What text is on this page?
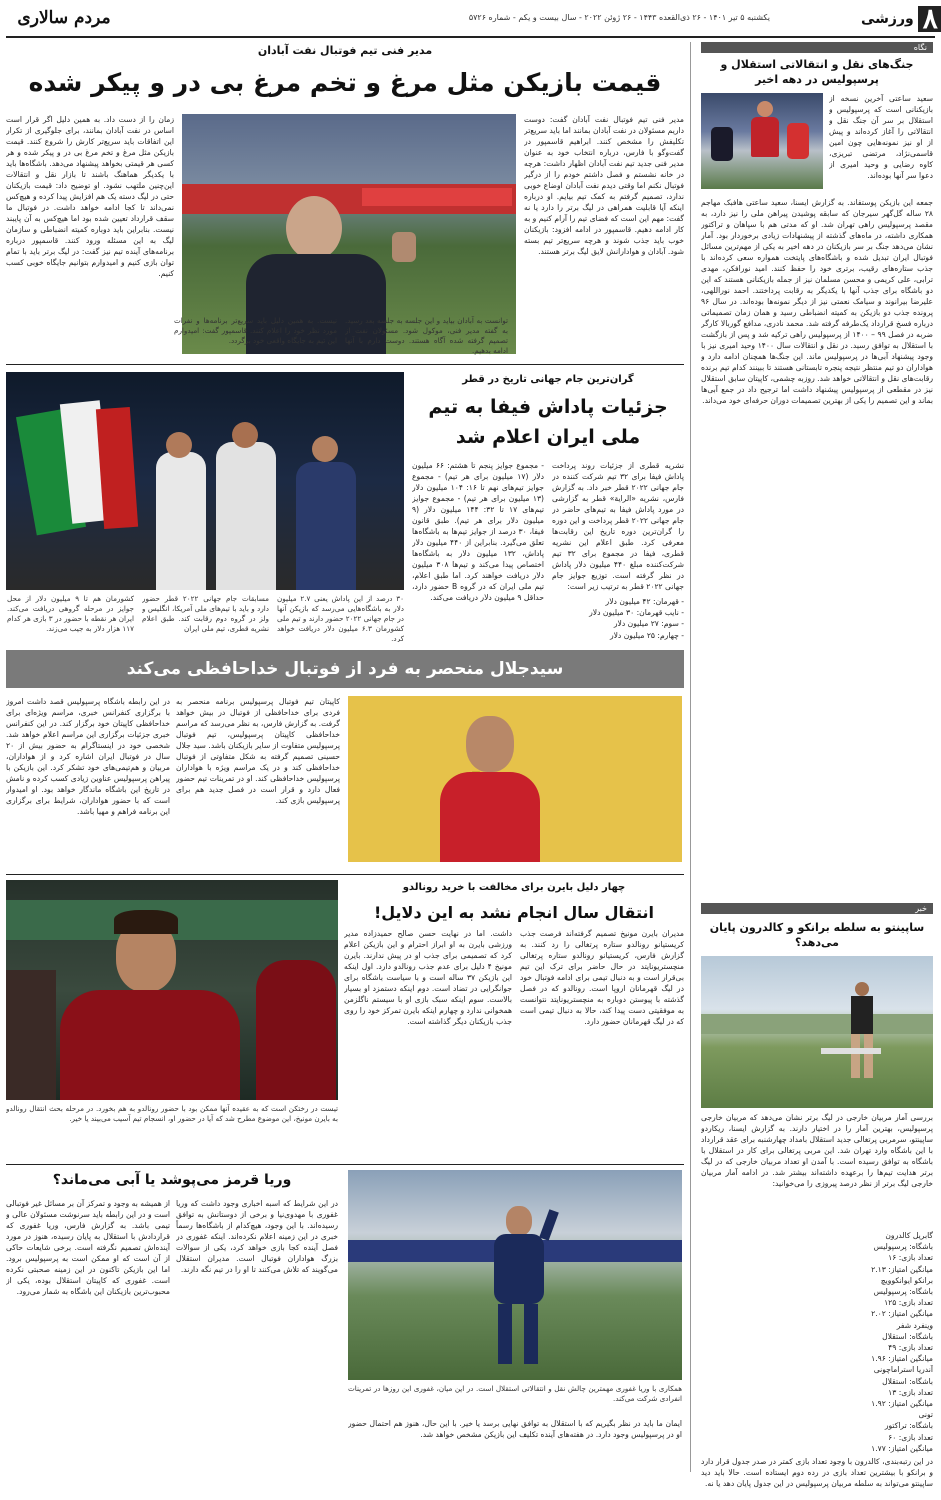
۸
ورزشی
یکشنبه ۵ تیر ۱۴۰۱ - ۲۶ ذی‌القعده ۱۴۴۳ - ۲۶ ژوئن ۲۰۲۲ - سال بیست و یکم - شماره ۵۷۲۶
مردم سالاری
نگاه
جنگ‌های نقل و انتقالاتی استقلال و پرسپولیس در دهه اخیر
سعید ساعتی آخرین نسخه از بازیکنانی است که پرسپولیس و استقلال بر سر آن جنگ نقل و انتقالاتی را آغاز کرده‌اند و پیش از او نیز نمونه‌هایی چون امین قاسمی‌نژاد، مرتضی تبریزی، کاوه رضایی و وحید امیری از دعوا سر آنها بوده‌اند.
جمعه این بازیکن پوستفاند. به گزارش ایسنا، سعید ساعتی هافبک مهاجم ۲۸ ساله گل‌گهر سیرجان که سابقه پوشیدن پیراهن ملی را نیز دارد، به مقصد پرسپولیس راهی تهران شد. او که مدتی هم با سپاهان و تراکتور همکاری داشته، در ماه‌های گذشته از پیشنهادات زیادی برخوردار بود. آمار نشان می‌دهد جنگ بر سر بازیکنان در دهه اخیر به یکی از مهم‌ترین مسائل فوتبال ایران تبدیل شده و باشگاه‌های پایتخت همواره سعی کرده‌اند با جذب ستاره‌های رقیب، برتری خود را حفظ کنند. امید نورافکن، مهدی ترابی، علی کریمی و محسن مسلمان نیز از جمله بازیکنانی هستند که این دو باشگاه برای جذب آنها با یکدیگر به رقابت پرداختند. احمد نوراللهی، علیرضا بیرانوند و سیامک نعمتی نیز از دیگر نمونه‌ها بوده‌اند. در سال ۹۶ پرونده جذب دو بازیکن به کمیته انضباطی رسید و همان زمان تصمیماتی درباره فسخ قرارداد یک‌طرفه گرفته شد. محمد نادری، مدافع گوربالا کارگر ضربه در فصل ۹۹ – ۱۴۰۰ از پرسپولیس راهی ترکیه شد و پس از بازگشت با استقلال به توافق رسید. در نقل و انتقالات سال ۱۴۰۰ وحید امیری نیز با وجود پیشنهاد آبی‌ها در پرسپولیس ماند. این جنگ‌ها همچنان ادامه دارد و هواداران دو تیم منتظر نتیجه پنجره تابستانی هستند تا ببینند کدام تیم برنده رقابت‌های نقل و انتقالاتی خواهد شد. روزبه چشمی، کاپیتان سابق استقلال نیز در مقطعی از پرسپولیس پیشنهاد داشت اما ترجیح داد در جمع آبی‌ها بماند و این تصمیم را یکی از بهترین تصمیمات دوران حرفه‌ای خود می‌داند.
خبر
ساپینتو به سلطه برانکو و کالدرون پایان می‌دهد؟
بررسی آمار مربیان خارجی در لیگ برتر نشان می‌دهد که مربیان خارجی پرسپولیس، بهترین آمار را در اختیار دارند. به گزارش ایسنا، ریکاردو ساپینتو، سرمربی پرتغالی جدید استقلال بامداد چهارشنبه برای عقد قرارداد با این باشگاه وارد تهران شد. این مربی پرتغالی برای کار در استقلال با باشگاه به توافق رسیده است. با آمدن او تعداد مربیان خارجی که در لیگ برتر هدایت تیم‌ها را برعهده داشته‌اند بیشتر شد. در ادامه آمار مربیان خارجی لیگ برتر از نظر درصد پیروزی را می‌خوانید:
گابریل کالدرون
باشگاه: پرسپولیس
تعداد بازی: ۱۶
میانگین امتیاز: ۲.۱۳
برانکو ایوانکوویچ
باشگاه: پرسپولیس
تعداد بازی: ۱۲۵
میانگین امتیاز: ۲.۰۲
وینفرد شفر
باشگاه: استقلال
تعداد بازی: ۴۹
میانگین امتیاز: ۱.۹۶
آندریا استراماچونی
باشگاه: استقلال
تعداد بازی: ۱۳
میانگین امتیاز: ۱.۹۲
تونی
باشگاه: تراکتور
تعداد بازی: ۶۰
میانگین امتیاز: ۱.۷۷
در این رتبه‌بندی، کالدرون با وجود تعداد بازی کمتر در صدر جدول قرار دارد و برانکو با بیشترین تعداد بازی در رده دوم ایستاده است. حالا باید دید ساپینتو می‌تواند به سلطه مربیان پرسپولیس در این جدول پایان دهد یا نه.
مدیر فنی تیم فوتبال نفت آبادان
قیمت بازیکن مثل مرغ و تخم مرغ بی در و پیکر شده
مدیر فنی تیم فوتبال نفت آبادان گفت: دوست داریم مسئولان در نفت آبادان بمانند اما باید سریع‌تر تکلیفش را مشخص کنند. ابراهیم قاسمپور در گفت‌وگو با فارس، درباره انتخاب خود به عنوان مدیر فنی جدید تیم نفت آبادان اظهار داشت: هرچه در خانه نشستم و فصل داشتم خودم را از درگیر فوتبال نکنم اما وقتی دیدم نفت آبادان اوضاع خوبی ندارد، تصمیم گرفتم به کمک تیم بیایم. او درباره اینکه آیا قابلیت همراهی در لیگ برتر را دارد یا نه گفت: مهم این است که فضای تیم را آرام کنیم و به کار ادامه دهیم. قاسمپور در ادامه افزود: بازیکنان خوب باید جذب شوند و هرچه سریع‌تر تیم بسته شود. آبادان و هوادارانش لایق لیگ برتر هستند.
زمان را از دست داد. به همین دلیل اگر قرار است اساس در نفت آبادان بمانند، برای جلوگیری از تکرار این اتفاقات باید سریع‌تر کارش را شروع کنند. قیمت بازیکن مثل مرغ و تخم مرغ بی در و پیکر شده و هر کسی هر قیمتی بخواهد پیشنهاد می‌دهد. باشگاه‌ها باید با یکدیگر هماهنگ باشند تا بازار نقل و انتقالات این‌چنین ملتهب نشود. او توضیح داد: قیمت بازیکنان حتی در لیگ دسته یک هم افزایش پیدا کرده و هیچ‌کس نمی‌داند تا کجا ادامه خواهد داشت. در فوتبال ما سقف قرارداد تعیین شده بود اما هیچ‌کس به آن پایبند نیست. بنابراین باید دوباره کمیته انضباطی و سازمان لیگ به این مسئله ورود کنند. قاسمپور درباره برنامه‌های آینده تیم نیز گفت: در لیگ برتر باید با تمام توان بازی کنیم و امیدوارم بتوانیم جایگاه خوبی کسب کنیم.
توانست به آبادان بیاید و این جلسه به جلسه بعد رسید. به گفته مدیر فنی، موکول شود. مسئولان نفت از تصمیم گرفته شده آگاه هستند. دوست دارم با آنها ادامه بدهیم.
نیست. به همین دلیل باید سریع‌تر برنامه‌ها و نفرات مورد نظر خود را اعلام کنند. قاسمپور گفت: امیدوارم این تیم به جایگاه واقعی خود برگردد.
گران‌ترین جام جهانی تاریخ در قطر
جزئیات پاداش فیفا به تیم ملی ایران اعلام شد
نشریه قطری از جزئیات روند پرداخت پاداش فیفا برای ۳۲ تیم شرکت کننده در جام جهانی ۲۰۲۲ قطر خبر داد. به گزارش فارس، نشریه «الراية» قطر به گزارشی در مورد پاداش فیفا به تیم‌های حاضر در جام جهانی ۲۰۲۲ قطر پرداخت و این دوره را گران‌ترین دوره تاریخ این رقابت‌ها معرفی کرد. طبق اعلام این نشریه قطری، فیفا در مجموع برای ۳۲ تیم شرکت‌کننده مبلغ ۴۴۰ میلیون دلار پاداش در نظر گرفته است. توزیع جوایز جام جهانی ۲۰۲۲ قطر به ترتیب زیر است:
- قهرمان: ۴۲ میلیون دلار
- نایب قهرمان: ۳۰ میلیون دلار
- سوم: ۲۷ میلیون دلار
- چهارم: ۲۵ میلیون دلار
- مجموع جوایز پنجم تا هشتم: ۶۶ میلیون دلار (۱۷ میلیون برای هر تیم) - مجموع جوایز تیم‌های نهم تا ۱۶: ۱۰۴ میلیون دلار (۱۳ میلیون برای هر تیم) - مجموع جوایز تیم‌های ۱۷ تا ۳۲: ۱۴۴ میلیون دلار (۹ میلیون دلار برای هر تیم). طبق قانون فیفا، ۳۰ درصد از جوایز تیم‌ها به باشگاه‌ها تعلق می‌گیرد. بنابراین از ۴۴۰ میلیون دلار پاداش، ۱۳۲ میلیون دلار به باشگاه‌ها اختصاص پیدا می‌کند و تیم‌ها ۳۰۸ میلیون دلار دریافت خواهند کرد. اما طبق اعلام، تیم ملی ایران که در گروه B حضور دارد، حداقل ۹ میلیون دلار دریافت می‌کند.
۳۰ درصد از این پاداش یعنی ۲.۷ میلیون دلار به باشگاه‌هایی می‌رسد که بازیکن آنها در جام جهانی ۲۰۲۲ حضور دارند و تیم ملی کشورمان ۶.۳ میلیون دلار دریافت خواهد کرد.
مسابقات جام جهانی ۲۰۲۲ قطر حضور دارد و باید با تیم‌های ملی آمریکا، انگلیس و ولز در گروه دوم رقابت کند. طبق اعلام نشریه قطری، تیم ملی ایران
کشورمان هم تا ۹ میلیون دلار از محل جوایز در مرحله گروهی دریافت می‌کند. ایران هر نقطه با حضور در ۳ بازی هر کدام ۱۱۷ هزار دلار به جیب می‌زند.
سیدجلال منحصر به فرد از فوتبال خداحافظی می‌کند
کاپیتان تیم فوتبال پرسپولیس برنامه منحصر به فردی برای خداحافظی از فوتبال در بیش خواهد گرفت. به گزارش فارس، به نظر می‌رسد که مراسم خداحافظی کاپیتان پرسپولیس، تیم فوتبال پرسپولیس متفاوت از سایر بازیکنان باشد. سید جلال حسینی تصمیم گرفته به شکل متفاوتی از فوتبال خداحافظی کند و در یک مراسم ویژه با هواداران پرسپولیس خداحافظی کند. او در تمرینات تیم حضور فعال دارد و قرار است در فصل جدید هم برای پرسپولیس بازی کند.
در این رابطه باشگاه پرسپولیس قصد داشت امروز با برگزاری کنفرانس خبری، مراسم ویژه‌ای برای خداحافظی کاپیتان خود برگزار کند. در این کنفرانس خبری جزئیات برگزاری این مراسم اعلام خواهد شد. شخصی خود در اینستاگرام به حضور بیش از ۲۰ سال در فوتبال ایران اشاره کرد و از هواداران، مربیان و هم‌تیمی‌های خود تشکر کرد. این بازیکن با پیراهن پرسپولیس عناوین زیادی کسب کرده و نامش در تاریخ این باشگاه ماندگار خواهد بود. او امیدوار است که با حضور هواداران، شرایط برای برگزاری این برنامه فراهم و مهیا باشد.
چهار دلیل بایرن برای مخالفت با خرید رونالدو
انتقال سال انجام نشد به این دلایل!
مدیران بایرن مونیخ تصمیم گرفته‌اند فرصت جذب کریستیانو رونالدو ستاره پرتغالی را رد کنند. به گزارش فارس، کریستیانو رونالدو ستاره پرتغالی منچستریونایتد در حال حاضر برای ترک این تیم بی‌قرار است و به دنبال تیمی برای ادامه فوتبال خود در لیگ قهرمانان اروپا است. رونالدو که در فصل گذشته با پیوستن دوباره به منچستریونایتد نتوانست به موفقیتی دست پیدا کند، حالا به دنبال تیمی است که در لیگ قهرمانان حضور دارد.
داشت. اما در نهایت حسن صالح حمیدزاده مدیر ورزشی بایرن به او ابراز احترام و این بازیکن اعلام کرد که تصمیمی برای جذب او در پیش ندارند. بایرن مونیخ ۴ دلیل برای عدم جذب رونالدو دارد. اول اینکه این بازیکن ۳۷ ساله است و با سیاست باشگاه برای جوانگرایی در تضاد است. دوم اینکه دستمزد او بسیار بالاست. سوم اینکه سبک بازی او با سیستم ناگلزمن همخوانی ندارد و چهارم اینکه بایرن تمرکز خود را روی جذب بازیکنان دیگر گذاشته است.
تیست در رختکن است که به عقیده آنها ممکن بود با حضور رونالدو به هم بخورد. در مرحله بحث انتقال رونالدو به بایرن مونیخ، این موضوع مطرح شد که آیا در حضور او، انسجام تیم آسیب می‌بیند یا خیر.
وریا قرمز می‌پوشد یا آبی می‌ماند؟
از همیشه به وجود و تمرکز آن بر مسائل غیر فوتبالی است و در این رابطه باید سرنوشت مسئولان عالی و تیمی باشد. به گزارش فارس، وریا غفوری که قراردادش با استقلال به پایان رسیده، هنوز در مورد آینده‌اش تصمیم نگرفته است. برخی شایعات حاکی از آن است که او ممکن است به پرسپولیس برود. اما این بازیکن تاکنون در این زمینه صحبتی نکرده است. غفوری که کاپیتان استقلال بوده، یکی از محبوب‌ترین بازیکنان این باشگاه به شمار می‌رود.
در این شرایط که اسبه اخباری وجود داشت که وریا غفوری با مهدوی‌نیا و برخی از دوستانش به توافق رسیده‌اند. با این وجود، هیچ‌کدام از باشگاه‌ها رسماً خبری در این زمینه اعلام نکرده‌اند. اینکه غفوری در فصل آینده کجا بازی خواهد کرد، یکی از سوالات بزرگ هواداران فوتبال است. مدیران استقلال می‌گویند که تلاش می‌کنند تا او را در تیم نگه دارند.
همکاری با وریا غفوری مهمترین چالش نقل و انتقالاتی استقلال است. در این میان، غفوری این روزها در تمرینات انفرادی شرکت می‌کند.
ایمان ما باید در نظر بگیریم که با استقلال به توافق نهایی برسد یا خیر. با این حال، هنوز هم احتمال حضور او در پرسپولیس وجود دارد. در هفته‌های آینده تکلیف این بازیکن مشخص خواهد شد.
